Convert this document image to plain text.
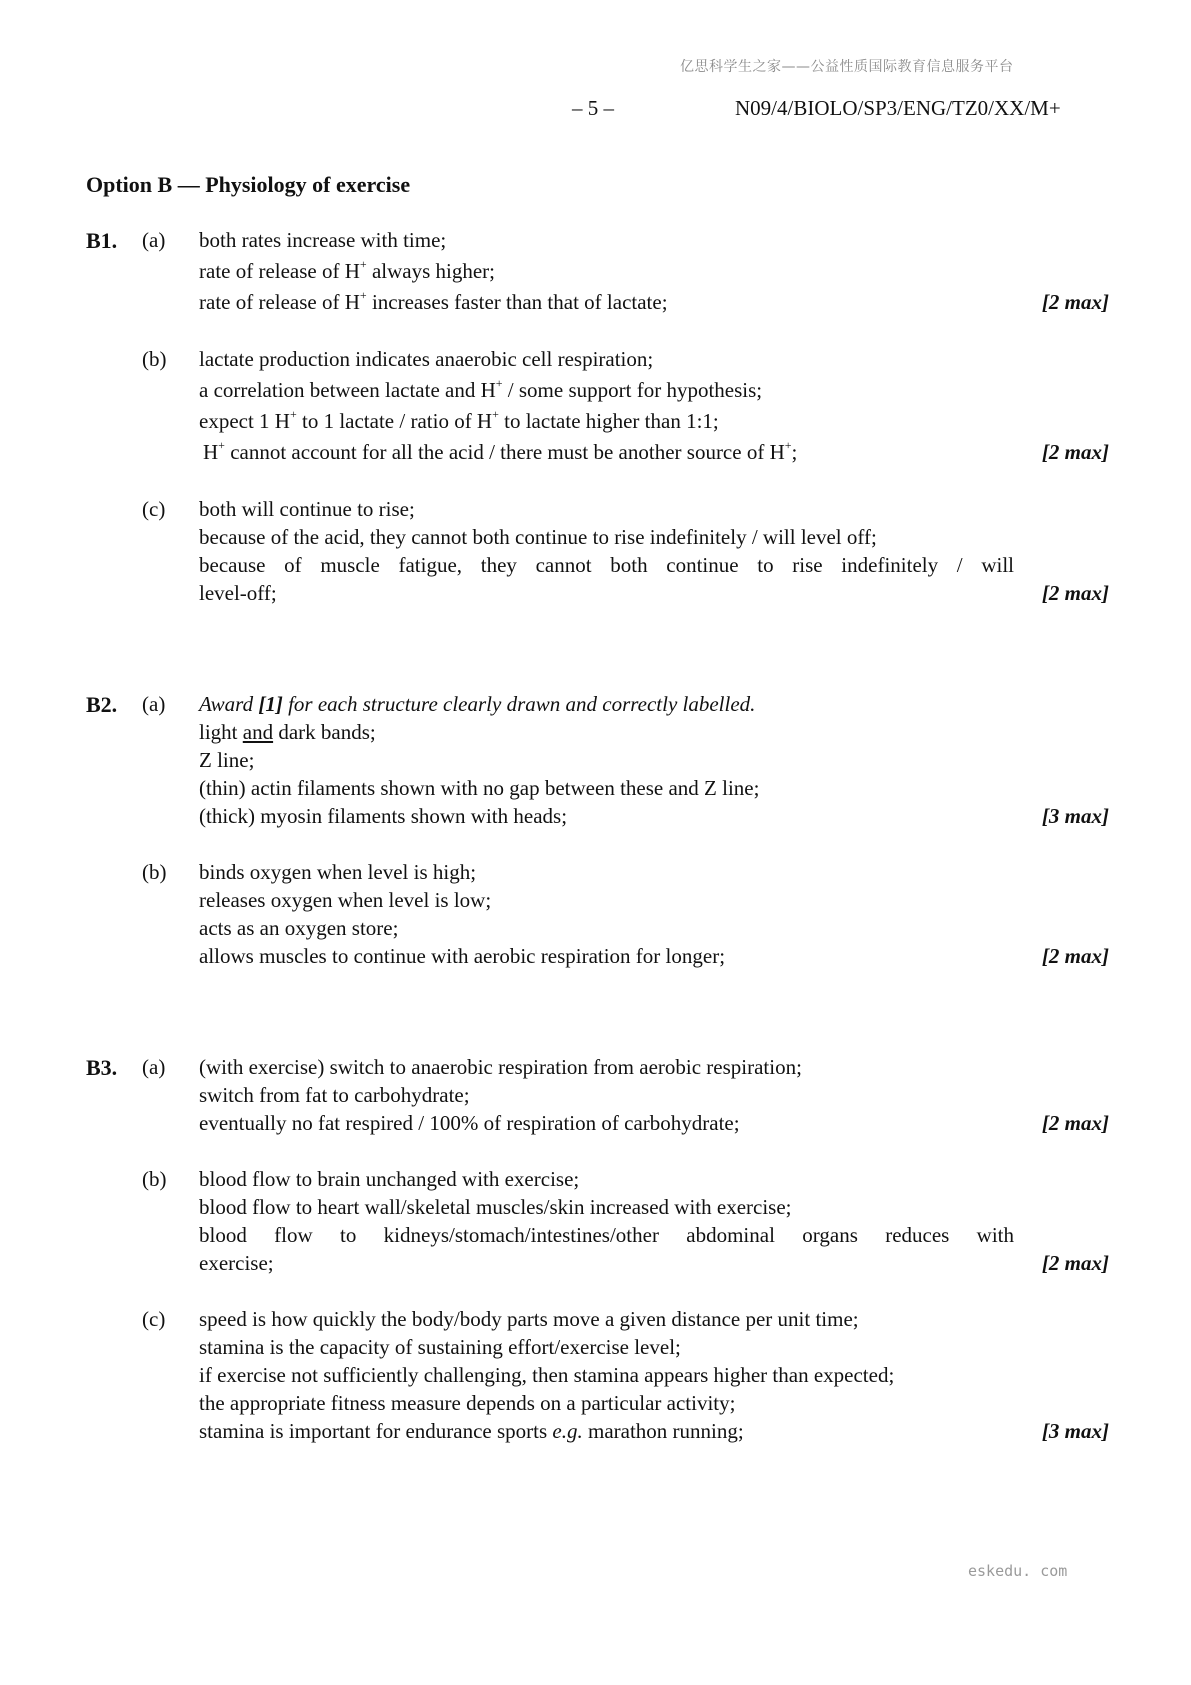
亿思科学生之家——公益性质国际教育信息服务平台
eskedu. com
– 5 –	N09/4/BIOLO/SP3/ENG/TZ0/XX/M+
Option B — Physiology of exercise
B1. (a) both rates increase with time;
rate of release of H+ always higher;
rate of release of H+ increases faster than that of lactate;	[2 max]
(b) lactate production indicates anaerobic cell respiration;
a correlation between lactate and H+ / some support for hypothesis;
expect 1 H+ to 1 lactate / ratio of H+ to lactate higher than 1:1;
H+ cannot account for all the acid / there must be another source of H+;	[2 max]
(c) both will continue to rise;
because of the acid, they cannot both continue to rise indefinitely / will level off;
because of muscle fatigue, they cannot both continue to rise indefinitely / will
level-off;	[2 max]
B2. (a) Award [1] for each structure clearly drawn and correctly labelled.
light and dark bands;
Z line;
(thin) actin filaments shown with no gap between these and Z line;
(thick) myosin filaments shown with heads;	[3 max]
(b) binds oxygen when level is high;
releases oxygen when level is low;
acts as an oxygen store;
allows muscles to continue with aerobic respiration for longer;	[2 max]
B3. (a) (with exercise) switch to anaerobic respiration from aerobic respiration;
switch from fat to carbohydrate;
eventually no fat respired / 100% of respiration of carbohydrate;	[2 max]
(b) blood flow to brain unchanged with exercise;
blood flow to heart wall/skeletal muscles/skin increased with exercise;
blood flow to kidneys/stomach/intestines/other abdominal organs reduces with
exercise;	[2 max]
(c) speed is how quickly the body/body parts move a given distance per unit time;
stamina is the capacity of sustaining effort/exercise level;
if exercise not sufficiently challenging, then stamina appears higher than expected;
the appropriate fitness measure depends on a particular activity;
stamina is important for endurance sports e.g. marathon running;	[3 max]
